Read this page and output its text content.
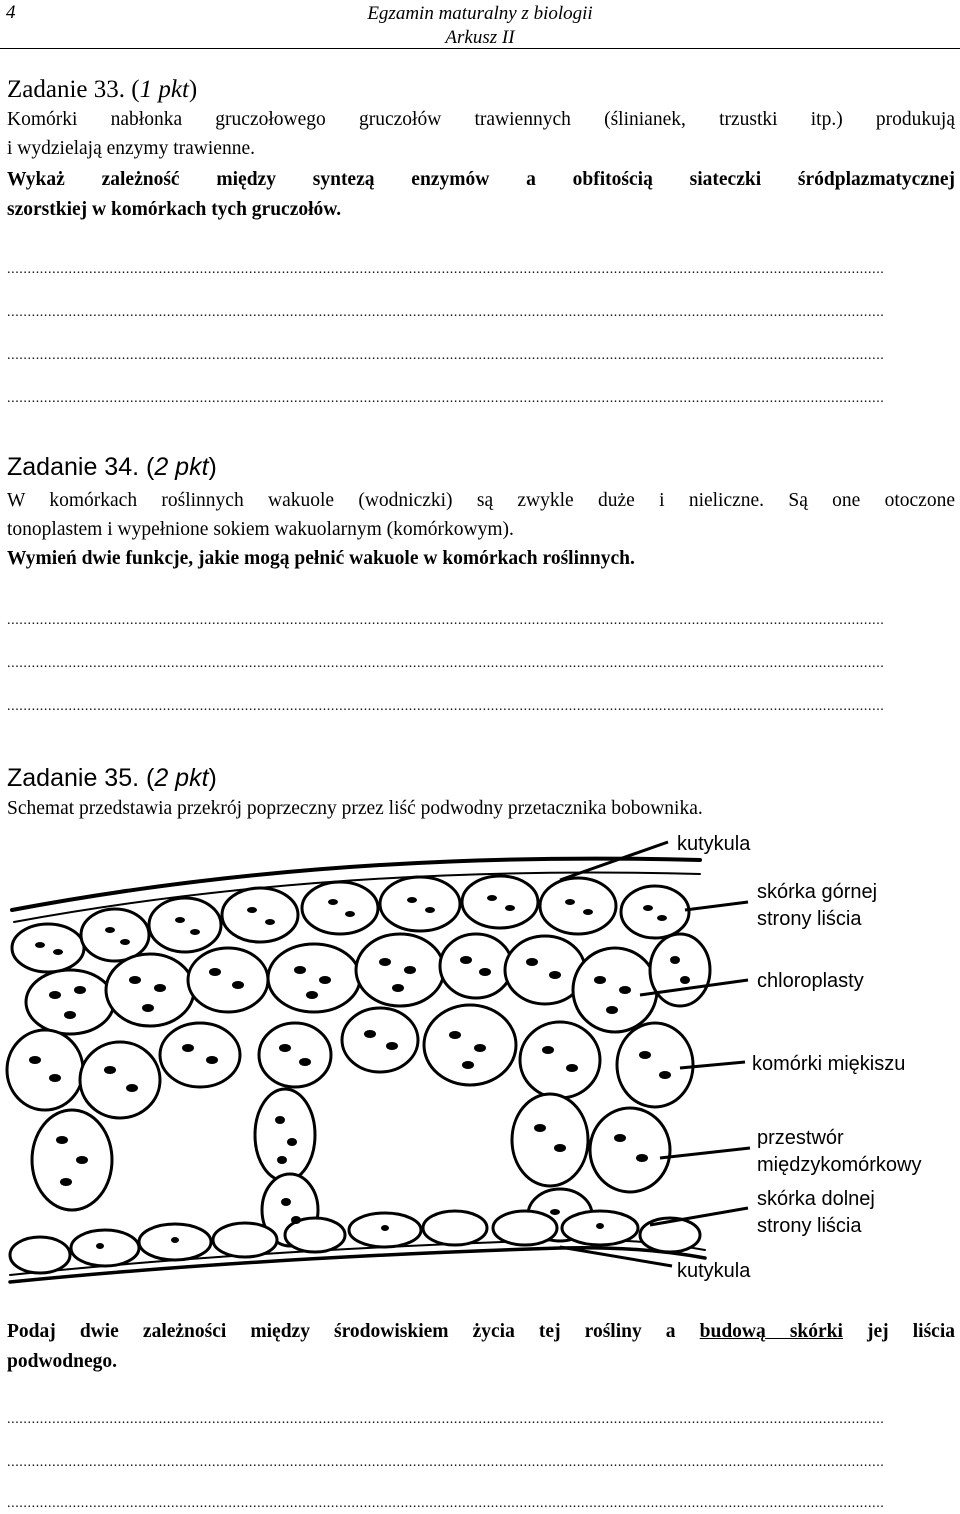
4	Egzamin maturalny z biologii
Arkusz II
Zadanie 33. (1 pkt)
Komórki nabłonka gruczołowego gruczołów trawiennych (ślinianek, trzustki itp.) produkują
i wydzielają enzymy trawienne.
Wykaż zależność między syntezą enzymów a obfitością siateczki śródplazmatycznej
szorstkiej w komórkach tych gruczołów.
......................................................................................................................................................................................................................
......................................................................................................................................................................................................................
......................................................................................................................................................................................................................
......................................................................................................................................................................................................................
Zadanie 34. (2 pkt)
W komórkach roślinnych wakuole (wodniczki) są zwykle duże i nieliczne. Są one otoczone
tonoplastem i wypełnione sokiem wakuolarnym (komórkowym).
Wymień dwie funkcje, jakie mogą pełnić wakuole w komórkach roślinnych.
......................................................................................................................................................................................................................
......................................................................................................................................................................................................................
......................................................................................................................................................................................................................
Zadanie 35. (2 pkt)
Schemat przedstawia przekrój poprzeczny przez liść podwodny przetacznika bobownika.
kutykula
skórka górnej
strony liścia
chloroplasty
komórki miękiszu
przestwór
międzykomórkowy
skórka dolnej
strony liścia
kutykula
Podaj dwie zależności między środowiskiem życia tej rośliny a budową skórki jej liścia
podwodnego.
......................................................................................................................................................................................................................
......................................................................................................................................................................................................................
......................................................................................................................................................................................................................
